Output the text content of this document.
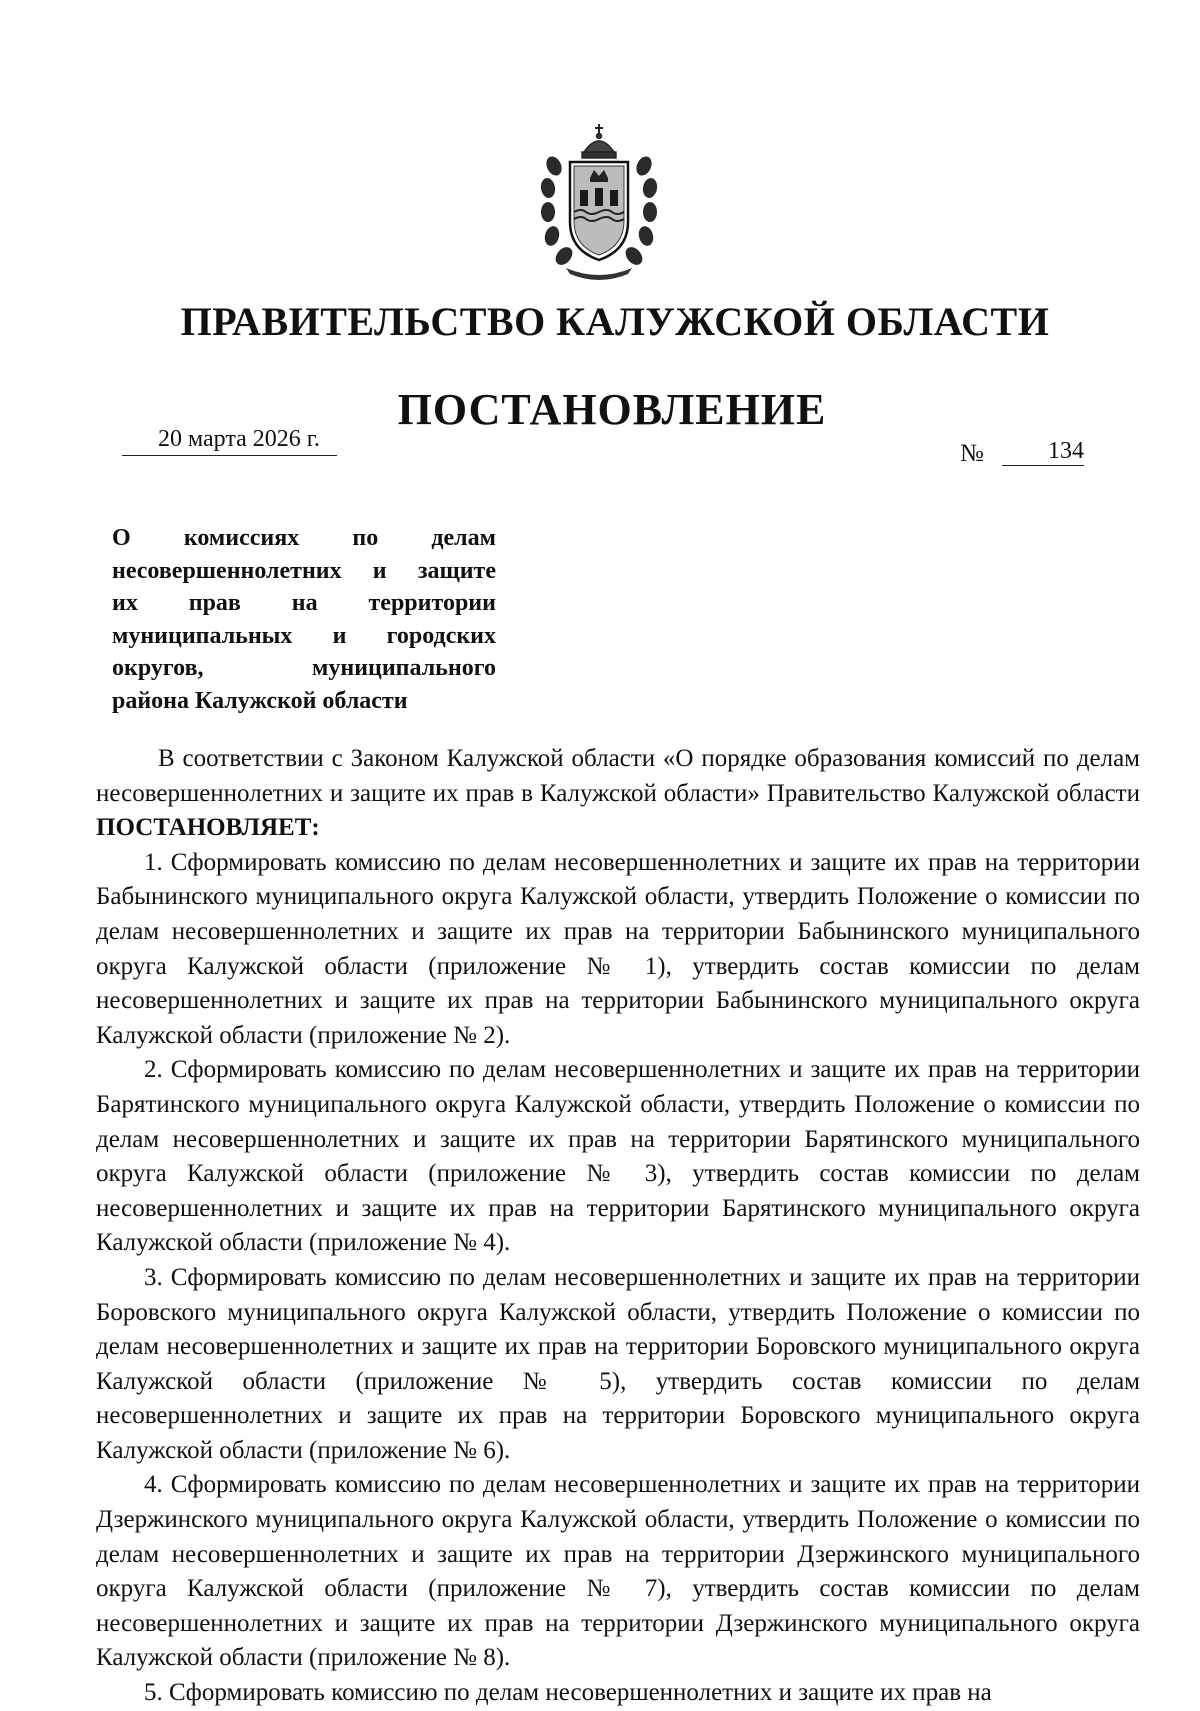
ПРАВИТЕЛЬСТВО КАЛУЖСКОЙ ОБЛАСТИ
ПОСТАНОВЛЕНИЕ
20 марта 2026 г.
№	134
О комиссиях по делам
несовершеннолетних и защите
их прав на территории
муниципальных и городских
округов,	муниципального
района Калужской области

В соответствии с Законом Калужской области «О порядке образования комиссий по делам несовершеннолетних и защите их прав в Калужской области» Правительство Калужской области ПОСТАНОВЛЯЕТ:

1. Сформировать комиссию по делам несовершеннолетних и защите их прав на территории Бабынинского муниципального округа Калужской области, утвердить Положение о комиссии по делам несовершеннолетних и защите их прав на территории Бабынинского муниципального округа Калужской области (приложение № 1), утвердить состав комиссии по делам несовершеннолетних и защите их прав на территории Бабынинского муниципального округа Калужской области (приложение № 2).

2. Сформировать комиссию по делам несовершеннолетних и защите их прав на территории Барятинского муниципального округа Калужской области, утвердить Положение о комиссии по делам несовершеннолетних и защите их прав на территории Барятинского муниципального округа Калужской области (приложение № 3), утвердить состав комиссии по делам несовершеннолетних и защите их прав на территории Барятинского муниципального округа Калужской области (приложение № 4).

3. Сформировать комиссию по делам несовершеннолетних и защите их прав на территории Боровского муниципального округа Калужской области, утвердить Положение о комиссии по делам несовершеннолетних и защите их прав на территории Боровского муниципального округа Калужской области (приложение № 5), утвердить состав комиссии по делам несовершеннолетних и защите их прав на территории Боровского муниципального округа Калужской области (приложение № 6).

4. Сформировать комиссию по делам несовершеннолетних и защите их прав на территории Дзержинского муниципального округа Калужской области, утвердить Положение о комиссии по делам несовершеннолетних и защите их прав на территории Дзержинского муниципального округа Калужской области (приложение № 7), утвердить состав комиссии по делам несовершеннолетних и защите их прав на территории Дзержинского муниципального округа Калужской области (приложение № 8).

5. Сформировать комиссию по делам несовершеннолетних и защите их прав на
